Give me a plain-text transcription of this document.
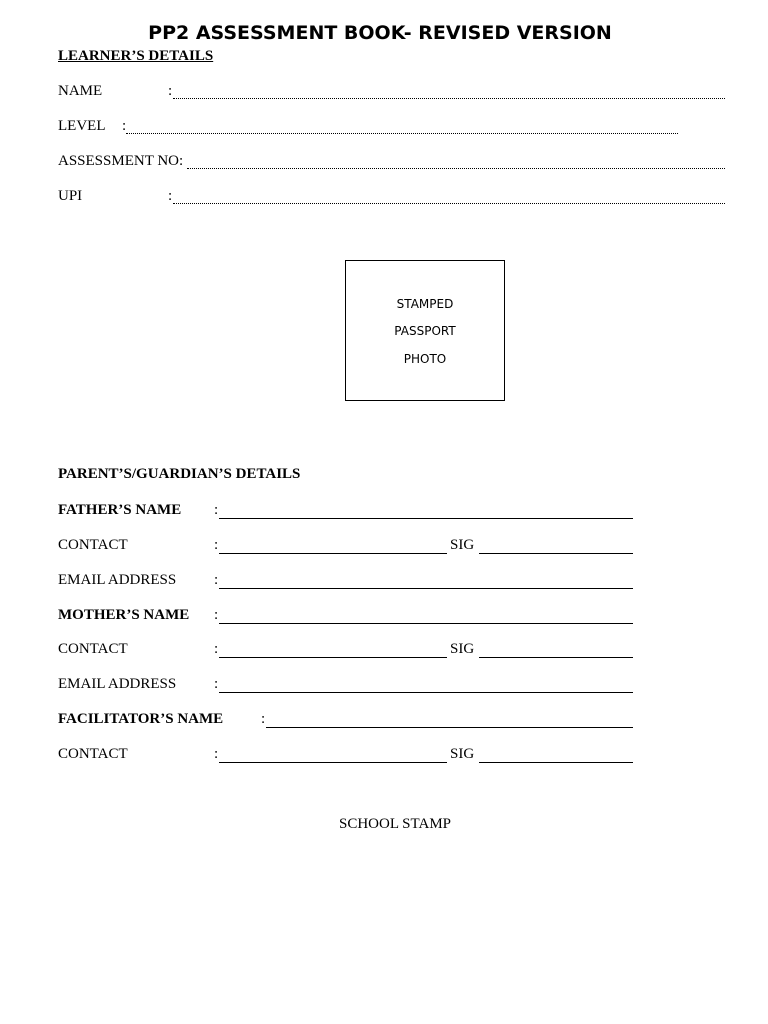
PP2 ASSESSMENT BOOK- REVISED VERSION
LEARNER’S DETAILS
NAME	:
LEVEL :
ASSESSMENT NO:
UPI	:
STAMPED
PASSPORT
PHOTO
PARENT’S/GUARDIAN’S DETAILS
FATHER’S NAME :
CONTACT	:	SIG
EMAIL ADDRESS	:
MOTHER’S NAME :
CONTACT	:	SIG
EMAIL ADDRESS	:
FACILITATOR’S NAME	:
CONTACT	:	SIG
SCHOOL STAMP
